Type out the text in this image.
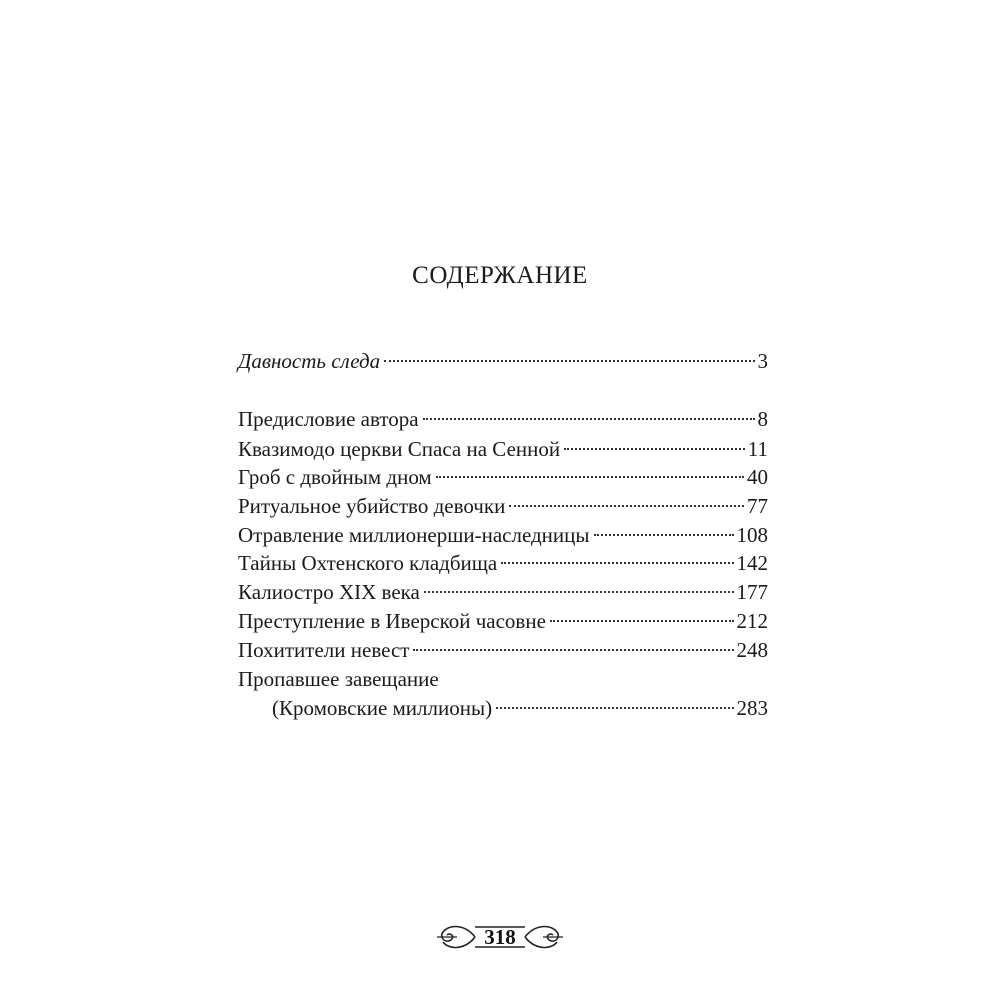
СОДЕРЖАНИЕ
Давность следа	3
Предисловие автора	8
Квазимодо церкви Спаса на Сенной	11
Гроб с двойным дном	40
Ритуальное убийство девочки	77
Отравление миллионерши-наследницы	108
Тайны Охтенского кладбища	142
Калиостро XIX века	177
Преступление в Иверской часовне	212
Похитители невест	248
Пропавшее завещание
(Кромовские миллионы)	283
318
